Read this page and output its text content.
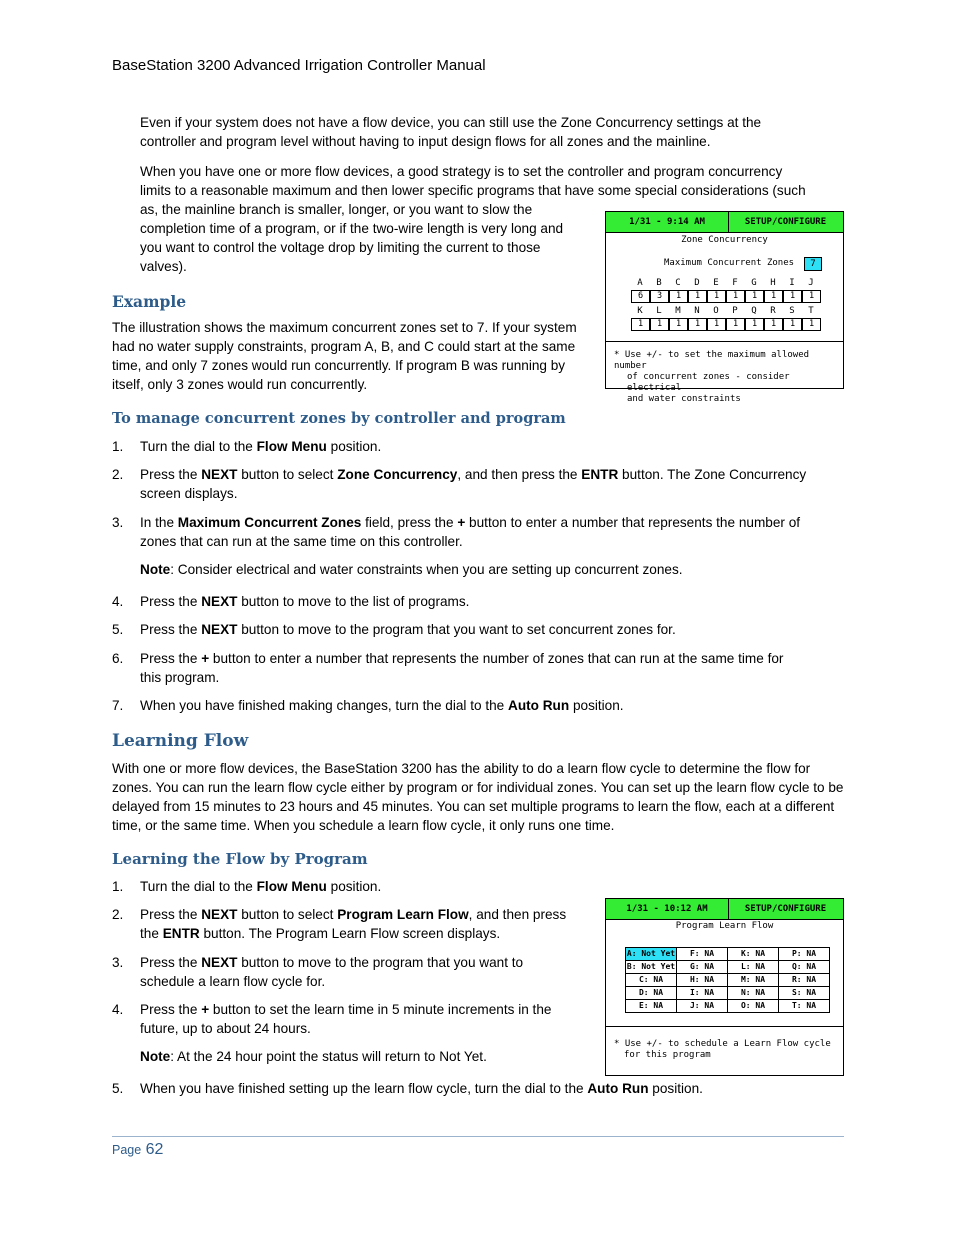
BaseStation 3200 Advanced Irrigation Controller Manual
Even if your system does not have a flow device, you can still use the Zone Concurrency settings at the controller and program level without having to input design flows for all zones and the mainline.
When you have one or more flow devices, a good strategy is to set the controller and program concurrency
limits to a reasonable maximum and then lower specific programs that have some special considerations (such
as, the mainline branch is smaller, longer, or you want to slow the completion time of a program, or if the two-wire length is very long and you want to control the voltage drop by limiting the current to those valves).
Example
The illustration shows the maximum concurrent zones set to 7. If your system had no water supply constraints, program A, B, and C could start at the same time, and only 7 zones would run concurrently. If program B was running by itself, only 3 zones would run concurrently.
1/31 - 9:14 AM	SETUP/CONFIGURE
Zone Concurrency
Maximum Concurrent Zones	7
A	B	C	D	E	F	G	H	I	J
6	3	1	1	1	1	1	1	1	1
K	L	M	N	O	P	Q	R	S	T
1	1	1	1	1	1	1	1	1	1
* Use +/- to set the maximum allowed number
of concurrent zones - consider electrical
and water constraints
To manage concurrent zones by controller and program
1.	Turn the dial to the Flow Menu position.
2.	Press the NEXT button to select Zone Concurrency, and then press the ENTR button. The Zone Concurrency
screen displays.
3.	In the Maximum Concurrent Zones field, press the + button to enter a number that represents the number of
zones that can run at the same time on this controller.
Note: Consider electrical and water constraints when you are setting up concurrent zones.
4.	Press the NEXT button to move to the list of programs.
5.	Press the NEXT button to move to the program that you want to set concurrent zones for.
6.	Press the + button to enter a number that represents the number of zones that can run at the same time for
this program.
7.	When you have finished making changes, turn the dial to the Auto Run position.
Learning Flow
With one or more flow devices, the BaseStation 3200 has the ability to do a learn flow cycle to determine the flow for zones. You can run the learn flow cycle either by program or for individual zones. You can set up the learn flow cycle to be delayed from 15 minutes to 23 hours and 45 minutes. You can set multiple programs to learn the flow, each at a different time, or the same time. When you schedule a learn flow cycle, it only runs one time.
Learning the Flow by Program
1.	Turn the dial to the Flow Menu position.
2.	Press the NEXT button to select Program Learn Flow, and then press
the ENTR button. The Program Learn Flow screen displays.
3.	Press the NEXT button to move to the program that you want to
schedule a learn flow cycle for.
4.	Press the + button to set the learn time in 5 minute increments in the
future, up to about 24 hours.
Note: At the 24 hour point the status will return to Not Yet.
5.	When you have finished setting up the learn flow cycle, turn the dial to the Auto Run position.
1/31 - 10:12 AM	SETUP/CONFIGURE
Program Learn Flow
A: Not Yet	F: NA	K: NA	P: NA
B: Not Yet	G: NA	L: NA	Q: NA
C: NA	H: NA	M: NA	R: NA
D: NA	I: NA	N: NA	S: NA
E: NA	J: NA	O: NA	T: NA
* Use +/- to schedule a Learn Flow cycle
for this program
Page 62
